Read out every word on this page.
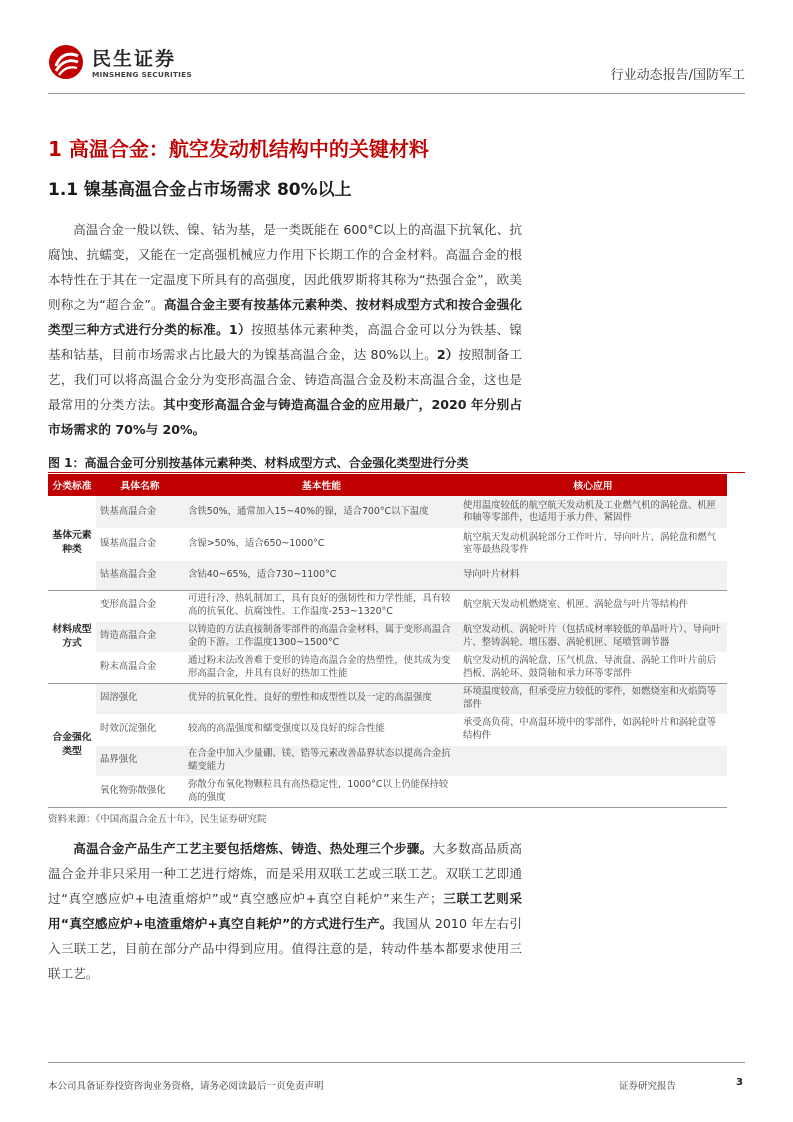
民生证券
MINSHENG SECURITIES	行业动态报告/国防军工
1 高温合金：航空发动机结构中的关键材料
1.1 镍基高温合金占市场需求 80%以上
高温合金一般以铁、镍、钴为基，是一类既能在 600°C以上的高温下抗氧化、抗腐蚀、抗蠕变，又能在一定高强机械应力作用下长期工作的合金材料。高温合金的根本特性在于其在一定温度下所具有的高强度，因此俄罗斯将其称为“热强合金”，欧美则称之为“超合金”。高温合金主要有按基体元素种类、按材料成型方式和按合金强化类型三种方式进行分类的标准。1）按照基体元素种类，高温合金可以分为铁基、镍基和钴基，目前市场需求占比最大的为镍基高温合金，达 80%以上。2）按照制备工艺，我们可以将高温合金分为变形高温合金、铸造高温合金及粉末高温合金，这也是最常用的分类方法。其中变形高温合金与铸造高温合金的应用最广，2020 年分别占市场需求的 70%与 20%。
图 1：高温合金可分别按基体元素种类、材料成型方式、合金强化类型进行分类
分类标准	具体名称	基本性能	核心应用
基体元素种类	铁基高温合金	含铁50%，通常加入15~40%的镍，适合700°C以下温度	使用温度较低的航空航天发动机及工业燃气机的涡轮盘、机匣和轴等零部件，也适用于承力件、紧固件
	镍基高温合金	含镍>50%，适合650~1000°C	航空航天发动机涡轮部分工作叶片、导向叶片、涡轮盘和燃气室等最热段零件
	钴基高温合金	含钴40~65%，适合730~1100°C	导向叶片材料
材料成型方式	变形高温合金	可进行冷、热轧制加工，具有良好的强韧性和力学性能，具有较高的抗氧化、抗腐蚀性。工作温度-253~1320°C	航空航天发动机燃烧室、机匣、涡轮盘与叶片等结构件
	铸造高温合金	以铸造的方法直接制备零部件的高温合金材料，属于变形高温合金的下游。工作温度1300~1500°C	航空发动机、涡轮叶片（包括成材率较低的单晶叶片）、导向叶片、整铸涡轮、增压器、涡轮机匣、尾喷管调节器
	粉末高温合金	通过粉末法改善难于变形的铸造高温合金的热塑性，使其成为变形高温合金，并具有良好的热加工性能	航空发动机的涡轮盘、压气机盘、导流盘、涡轮工作叶片前后挡板、涡轮环、鼓筒轴和承力环等零部件
合金强化类型	固溶强化	优异的抗氧化性、良好的塑性和成型性以及一定的高温强度	环境温度较高，但承受应力较低的零件，如燃烧室和火焰筒等部件
	时效沉淀强化	较高的高温强度和蠕变强度以及良好的综合性能	承受高负荷、中高温环境中的零部件，如涡轮叶片和涡轮盘等结构件
	晶界强化	在合金中加入少量硼、镁、锆等元素改善晶界状态以提高合金抗蠕变能力	
	氧化物弥散强化	弥散分布氧化物颗粒具有高热稳定性，1000°C以上仍能保持较高的强度	
资料来源：《中国高温合金五十年》，民生证券研究院
高温合金产品生产工艺主要包括熔炼、铸造、热处理三个步骤。大多数高品质高温合金并非只采用一种工艺进行熔炼，而是采用双联工艺或三联工艺。双联工艺即通过“真空感应炉+电渣重熔炉”或“真空感应炉+真空自耗炉”来生产；三联工艺则采用“真空感应炉+电渣重熔炉+真空自耗炉”的方式进行生产。我国从 2010 年左右引入三联工艺，目前在部分产品中得到应用。值得注意的是，转动件基本都要求使用三联工艺。
本公司具备证券投资咨询业务资格，请务必阅读最后一页免责声明	证券研究报告	3
